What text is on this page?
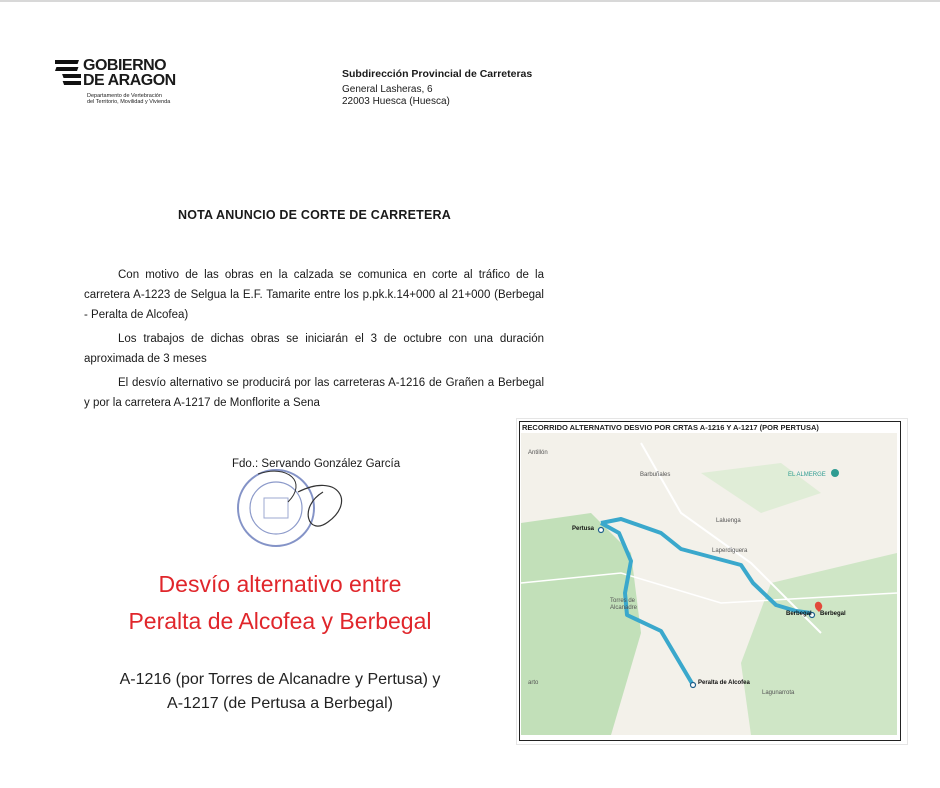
GOBIERNO
DE ARAGON
Departamento de Vertebración
del Territorio, Movilidad y Vivienda
Subdirección Provincial de Carreteras
General Lasheras, 6
22003 Huesca (Huesca)
NOTA ANUNCIO DE CORTE DE CARRETERA

Con motivo de las obras en la calzada se comunica en corte al tráfico de la carretera A-1223 de Selgua la E.F. Tamarite entre los p.pk.k.14+000 al 21+000 (Berbegal - Peralta de Alcofea)

Los trabajos de dichas obras se iniciarán el 3 de octubre con una duración aproximada de 3 meses

El desvío alternativo se producirá por las carreteras A-1216 de Grañen a Berbegal y por la carretera A-1217 de Monflorite a Sena

Fdo.: Servando González García
Desvío alternativo entre
Peralta de Alcofea y Berbegal
A-1216 (por Torres de Alcanadre y Pertusa) y
A-1217 (de Pertusa a Berbegal)
RECORRIDO ALTERNATIVO DESVIO POR CRTAS A-1216 Y A-1217 (POR PERTUSA)
Antillón
Barbuñales	EL ALMERGE
Pertusa
Laluenga
Laperdiguera
Torres de Alcanadre
Berbegal Berbegal
Peralta de Alcofea
Lagunarrota
arto
